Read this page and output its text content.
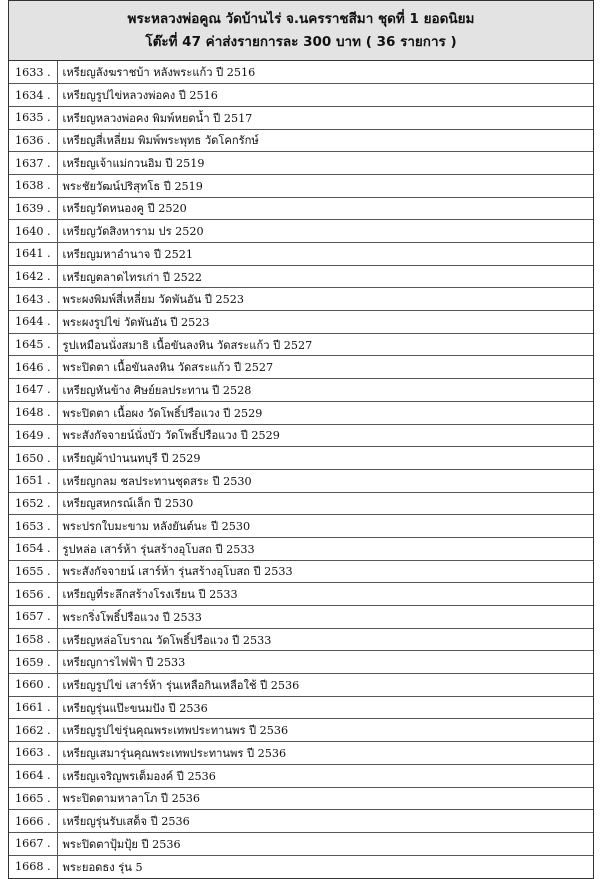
พระหลวงพ่อคูณ วัดบ้านไร่ จ.นครราชสีมา ชุดที่ 1 ยอดนิยม
โต๊ะที่ 47 ค่าส่งรายการละ 300 บาท ( 36 รายการ )
1633 .	เหรียญลังฆราชบ้า หลังพระแก้ว ปี 2516
1634 .	เหรียญรูปไข่หลวงพ่อคง ปี 2516
1635 .	เหรียญหลวงพ่อคง พิมพ์หยดน้ำ ปี 2517
1636 .	เหรียญสี่เหลี่ยม พิมพ์พระพุทธ วัดโคกรักษ์
1637 .	เหรียญเจ้าแม่กวนอิม ปี 2519
1638 .	พระชัยวัฒน์ปริสุทโธ ปี 2519
1639 .	เหรียญวัดหนองคู ปี 2520
1640 .	เหรียญวัดสิงหาราม ปร 2520
1641 .	เหรียญมหาอำนาจ ปี 2521
1642 .	เหรียญตลาดไทรเก่า ปี 2522
1643 .	พระผงพิมพ์สี่เหลี่ยม วัดพันอัน ปี 2523
1644 .	พระผงรูปไข่ วัดพันอัน ปี 2523
1645 .	รูปเหมือนนั่งสมาธิ เนื้อขันลงหิน วัดสระแก้ว ปี 2527
1646 .	พระปิดตา เนื้อขันลงหิน วัดสระแก้ว ปี 2527
1647 .	เหรียญหันข้าง ศิษย์ยลประทาน ปี 2528
1648 .	พระปิดตา เนื้อผง วัดโพธิ์ปรือแวง ปี 2529
1649 .	พระสังกัจจายน์นั่งบัว วัดโพธิ์ปรือแวง ปี 2529
1650 .	เหรียญผ้าป่านนทบุรี ปี 2529
1651 .	เหรียญกลม ชลประทานชุดสระ ปี 2530
1652 .	เหรียญสหกรณ์เล็ก ปี 2530
1653 .	พระปรกใบมะขาม หลังยันต์นะ ปี 2530
1654 .	รูปหล่อ เสาร์ห้า รุ่นสร้างอุโบสถ ปี 2533
1655 .	พระสังกัจจายน์ เสาร์ห้า รุ่นสร้างอุโบสถ ปี 2533
1656 .	เหรียญที่ระลึกสร้างโรงเรียน ปี 2533
1657 .	พระกริ่งโพธิ์ปรือแวง ปี 2533
1658 .	เหรียญหล่อโบราณ วัดโพธิ์ปรือแวง ปี 2533
1659 .	เหรียญการไฟฟ้า ปี 2533
1660 .	เหรียญรูปไข่ เสาร์ห้า รุ่นเหลือกินเหลือใช้ ปี 2536
1661 .	เหรียญรุ่นแป๊ะขนมปัง ปี 2536
1662 .	เหรียญรูปไข่รุ่นคุณพระเทพประทานพร ปี 2536
1663 .	เหรียญเสมารุ่นคุณพระเทพประทานพร ปี 2536
1664 .	เหรียญเจริญพรเต็มองค์ ปี 2536
1665 .	พระปิดตามหาลาโภ ปี 2536
1666 .	เหรียญรุ่นรับเสด็จ ปี 2536
1667 .	พระปิดตาปุ้มปุ้ย ปี 2536
1668 .	พระยอดธง รุ่น 5
